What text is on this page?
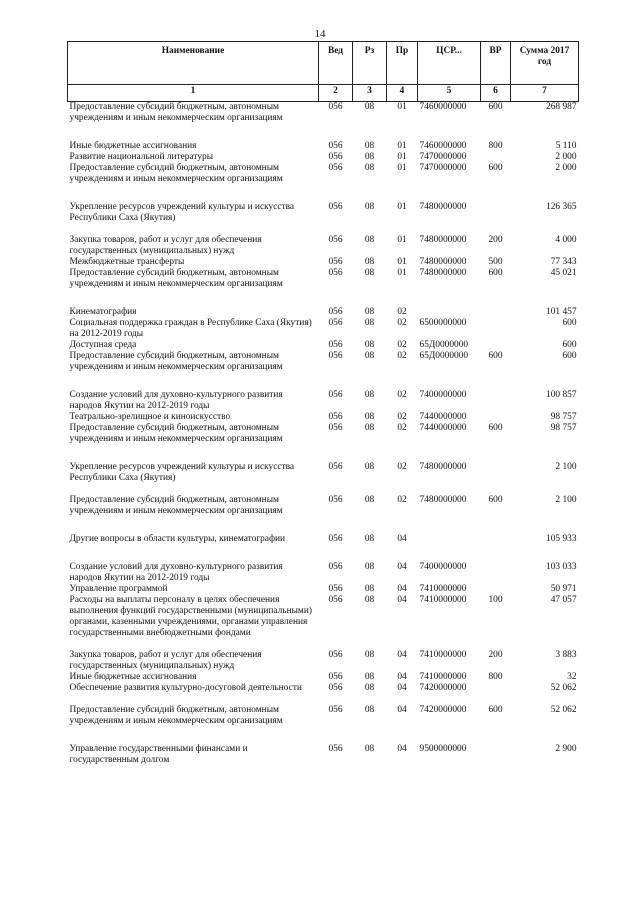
14
Наименование	Вед	Рз	Пр	ЦСР...	ВР	Сумма 2017 год
1	2	3	4	5	6	7
Предоставление субсидий бюджетным, автономным учреждениям и иным некоммерческим организациям	056	08	01	7460000000	600	268 987
Иные бюджетные ассигнования	056	08	01	7460000000	800	5 110
Развитие национальной литературы	056	08	01	7470000000		2 000
Предоставление субсидий бюджетным, автономным учреждениям и иным некоммерческим организациям	056	08	01	7470000000	600	2 000
Укрепление ресурсов учреждений культуры и искусства Республики Саха (Якутия)	056	08	01	7480000000		126 365
Закупка товаров, работ и услуг для обеспечения государственных (муниципальных) нужд	056	08	01	7480000000	200	4 000
Межбюджетные трансферты	056	08	01	7480000000	500	77 343
Предоставление субсидий бюджетным, автономным учреждениям и иным некоммерческим организациям	056	08	01	7480000000	600	45 021
Кинематография	056	08	02			101 457
Социальная поддержка граждан в Республике Саха (Якутия) на 2012-2019 годы	056	08	02	6500000000		600
Доступная среда	056	08	02	65Д0000000		600
Предоставление субсидий бюджетным, автономным учреждениям и иным некоммерческим организациям	056	08	02	65Д0000000	600	600
Создание условий для духовно-культурного развития народов Якутии на 2012-2019 годы	056	08	02	7400000000		100 857
Театрально-зрелищное и киноискусство	056	08	02	7440000000		98 757
Предоставление субсидий бюджетным, автономным учреждениям и иным некоммерческим организациям	056	08	02	7440000000	600	98 757
Укрепление ресурсов учреждений культуры и искусства Республики Саха (Якутия)	056	08	02	7480000000		2 100
Предоставление субсидий бюджетным, автономным учреждениям и иным некоммерческим организациям	056	08	02	7480000000	600	2 100
Другие вопросы в области культуры, кинематографии	056	08	04			105 933
Создание условий для духовно-культурного развития народов Якутии на 2012-2019 годы	056	08	04	7400000000		103 033
Управление программой	056	08	04	7410000000		50 971
Расходы на выплаты персоналу в целях обеспечения выполнения функций государственными (муниципальными) органами, казенными учреждениями, органами управления государственными внебюджетными фондами	056	08	04	7410000000	100	47 057
Закупка товаров, работ и услуг для обеспечения государственных (муниципальных) нужд	056	08	04	7410000000	200	3 883
Иные бюджетные ассигнования	056	08	04	7410000000	800	32
Обеспечение развития культурно-досуговой деятельности	056	08	04	7420000000		52 062
Предоставление субсидий бюджетным, автономным учреждениям и иным некоммерческим организациям	056	08	04	7420000000	600	52 062
Управление государственными финансами и государственным долгом	056	08	04	9500000000		2 900
